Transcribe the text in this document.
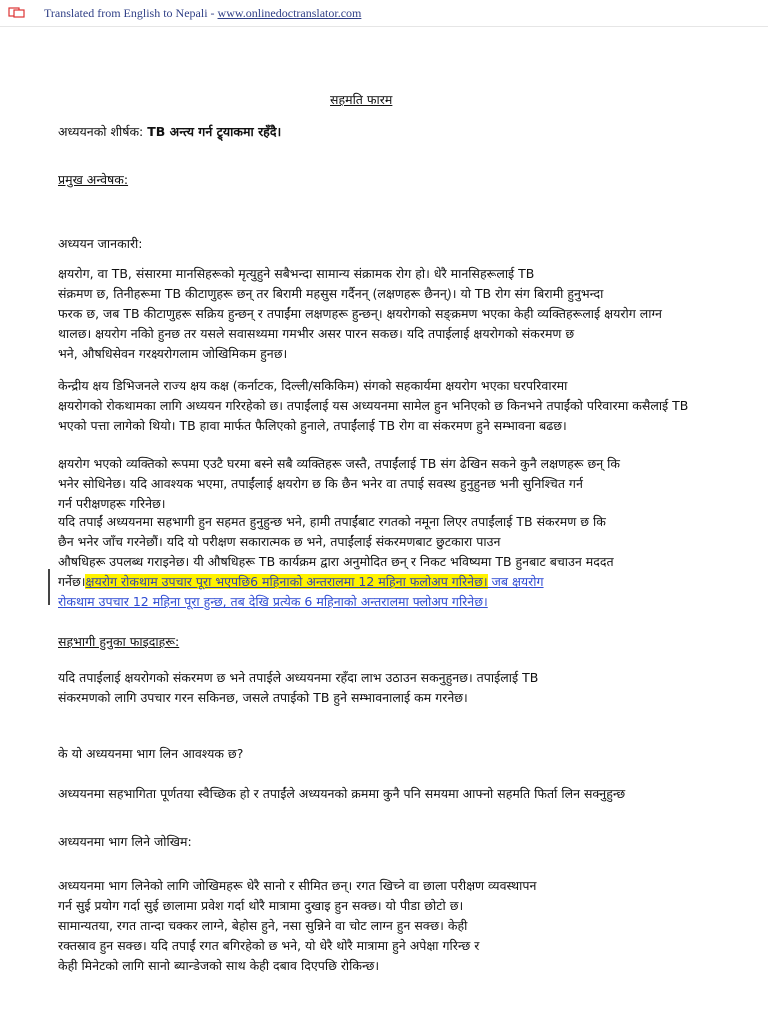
Translated from English to Nepali - www.onlinedoctranslator.com
सहमति फारम
अध्ययनको शीर्षक: TB अन्त्य गर्न ट्र्याकमा रहँदै।
प्रमुख अन्वेषक:
अध्ययन जानकारी:
क्षयरोग, वा TB, संसारमा मानसिहरूको मृत्युहुने सबैभन्दा सामान्य संक्रामक रोग हो। धेरै मानसिहरूलाई TB
संक्रमण छ, तिनीहरूमा TB कीटाणुहरू छन् तर बिरामी महसुस गर्दैनन् (लक्षणहरू छैनन्)। यो TB रोग संग बिरामी हुनुभन्दा
फरक छ, जब TB कीटाणुहरू सक्रिय हुन्छन् र तपाईंमा लक्षणहरू हुन्छन्। क्षयरोगको सङ्क्रमण भएका केही व्यक्तिहरूलाई क्षयरोग लाग्न
थालछ। क्षयरोग नकिो हुनछ तर यसले सवासथ्यमा गमभीर असर पारन सकछ। यदि तपाईलाई क्षयरोगको संकरमण छ
भने, औषधिसेवन गरक्ष्यरोगलाम जोखिमिकम हुनछ।
केन्द्रीय क्षय डिभिजनले राज्य क्षय कक्ष (कर्नाटक, दिल्ली/सकिकिम) संगको सहकार्यमा क्षयरोग भएका घरपरिवारमा
क्षयरोगको रोकथामका लागि अध्ययन गरिरहेको छ। तपाईंलाई यस अध्ययनमा सामेल हुन भनिएको छ किनभने तपाईंको परिवारमा कसैलाई TB
भएको पत्ता लागेको थियो। TB हावा मार्फत फैलिएको हुनाले, तपाईंलाई TB रोग वा संकरमण हुने सम्भावना बढछ।
क्षयरोग भएको व्यक्तिको रूपमा एउटै घरमा बस्ने सबै व्यक्तिहरू जस्तै, तपाईंलाई TB संग ढेखिन सकने कुनै लक्षणहरू छन् कि
भनेर सोधिनेछ। यदि आवश्यक भएमा, तपाईंलाई क्षयरोग छ कि छैन भनेर वा तपाई सवस्थ हुनुहुनछ भनी सुनिश्चित गर्न
गर्न परीक्षणहरू गरिनेछ।
यदि तपाईं अध्ययनमा सहभागी हुन सहमत हुनुहुन्छ भने, हामी तपाईंबाट रगतको नमूना लिएर तपाईंलाई TB संकरमण छ कि
छैन भनेर जाँच गरनेछौं। यदि यो परीक्षण सकारात्मक छ भने, तपाईंलाई संकरमणबाट छुटकारा पाउन
औषधिहरू उपलब्ध गराइनेछ। यी औषधिहरू TB कार्यक्रम द्वारा अनुमोदित छन् र निकट भविष्यमा TB हुनबाट बचाउन मददत
गर्नेछ।क्षयरोग रोकथाम उपचार पूरा भएपछि6 महिनाको अन्तरालमा 12 महिना फलोअप गरिनेछ। जब क्षयरोग
रोकथाम उपचार 12 महिना पूरा हुन्छ, तब देखि प्रत्येक 6 महिनाको अन्तरालमा फ्लोअप गरिनेछ।
सहभागी हुनुका फाइदाहरू:
यदि तपाईलाई क्षयरोगको संकरमण छ भने तपाईले अध्ययनमा रहँदा लाभ उठाउन सकनुहुनछ। तपाईलाई TB
संकरमणको लागि उपचार गरन सकिनछ, जसले तपाईको TB हुने सम्भावनालाई कम गरनेछ।
के यो अध्ययनमा भाग लिन आवश्यक छ?
अध्ययनमा सहभागिता पूर्णतया स्वैच्छिक हो र तपाईंले अध्ययनको क्रममा कुनै पनि समयमा आफ्नो सहमति फिर्ता लिन सक्नुहुन्छ
अध्ययनमा भाग लिने जोखिम:
अध्ययनमा भाग लिनेको लागि जोखिमहरू धेरै सानो र सीमित छन्। रगत खिच्ने वा छाला परीक्षण व्यवस्थापन
गर्न सुई प्रयोग गर्दा सुई छालामा प्रवेश गर्दा थोरै मात्रामा दुखाइ हुन सक्छ। यो पीडा छोटो छ।
सामान्यतया, रगत तान्दा चक्कर लाग्ने, बेहोस हुने, नसा सुन्निने वा चोट लाग्न हुन सक्छ। केही
रक्तस्राव हुन सक्छ। यदि तपाईं रगत बगिरहेको छ भने, यो धेरै थोरै मात्रामा हुने अपेक्षा गरिन्छ र
केही मिनेटको लागि सानो ब्यान्डेजको साथ केही दबाव दिएपछि रोकिन्छ।
